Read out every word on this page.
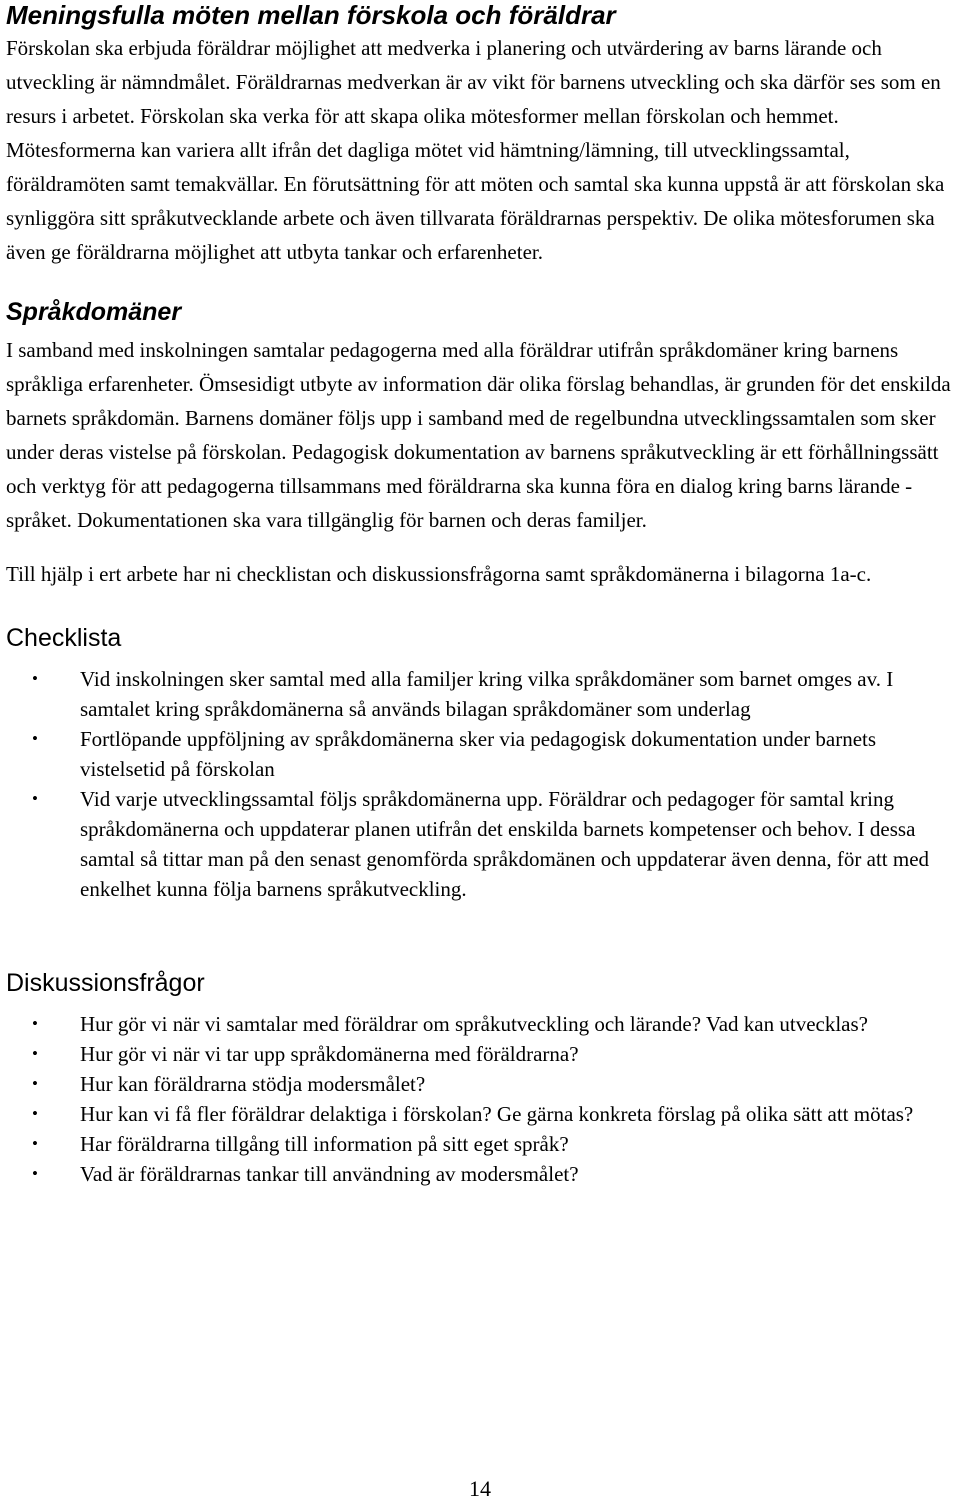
Meningsfulla möten mellan förskola och föräldrar

Förskolan ska erbjuda föräldrar möjlighet att medverka i planering och utvärdering av barns lärande och utveckling är nämndmålet. Föräldrarnas medverkan är av vikt för barnens utveckling och ska därför ses som en resurs i arbetet. Förskolan ska verka för att skapa olika mötesformer mellan förskolan och hemmet. Mötesformerna kan variera allt ifrån det dagliga mötet vid hämtning/lämning, till utvecklingssamtal, föräldramöten samt temakvällar. En förutsättning för att möten och samtal ska kunna uppstå är att förskolan ska synliggöra sitt språkutvecklande arbete och även tillvarata föräldrarnas perspektiv. De olika mötesforumen ska även ge föräldrarna möjlighet att utbyta tankar och erfarenheter.

Språkdomäner

I samband med inskolningen samtalar pedagogerna med alla föräldrar utifrån språkdomäner kring barnens språkliga erfarenheter. Ömsesidigt utbyte av information där olika förslag behandlas, är grunden för det enskilda barnets språkdomän. Barnens domäner följs upp i samband med de regelbundna utvecklingssamtalen som sker under deras vistelse på förskolan. Pedagogisk dokumentation av barnens språkutveckling är ett förhållningssätt och verktyg för att pedagogerna tillsammans med föräldrarna ska kunna föra en dialog kring barns lärande - språket. Dokumentationen ska vara tillgänglig för barnen och deras familjer.

Till hjälp i ert arbete har ni checklistan och diskussionsfrågorna samt språkdomänerna i bilagorna 1a-c.

Checklista
• Vid inskolningen sker samtal med alla familjer kring vilka språkdomäner som barnet omges av. I samtalet kring språkdomänerna så används bilagan språkdomäner som underlag
• Fortlöpande uppföljning av språkdomänerna sker via pedagogisk dokumentation under barnets vistelsetid på förskolan
• Vid varje utvecklingssamtal följs språkdomänerna upp. Föräldrar och pedagoger för samtal kring språkdomänerna och uppdaterar planen utifrån det enskilda barnets kompetenser och behov. I dessa samtal så tittar man på den senast genomförda språkdomänen och uppdaterar även denna, för att med enkelhet kunna följa barnens språkutveckling.
Diskussionsfrågor
• Hur gör vi när vi samtalar med föräldrar om språkutveckling och lärande? Vad kan utvecklas?
• Hur gör vi när vi tar upp språkdomänerna med föräldrarna?
• Hur kan föräldrarna stödja modersmålet?
• Hur kan vi få fler föräldrar delaktiga i förskolan? Ge gärna konkreta förslag på olika sätt att mötas?
• Har föräldrarna tillgång till information på sitt eget språk?
• Vad är föräldrarnas tankar till användning av modersmålet?
14
